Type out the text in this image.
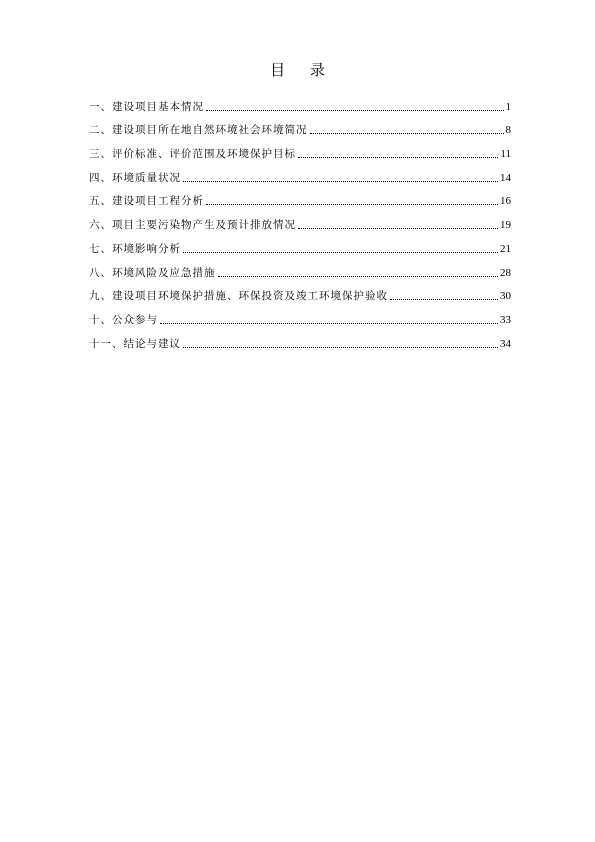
目 录
一、建设项目基本情况	1
二、建设项目所在地自然环境社会环境简况	8
三、评价标准、评价范围及环境保护目标	11
四、环境质量状况	14
五、建设项目工程分析	16
六、项目主要污染物产生及预计排放情况	19
七、环境影响分析	21
八、环境风险及应急措施	28
九、建设项目环境保护措施、环保投资及竣工环境保护验收	30
十、公众参与	33
十一、结论与建议	34
